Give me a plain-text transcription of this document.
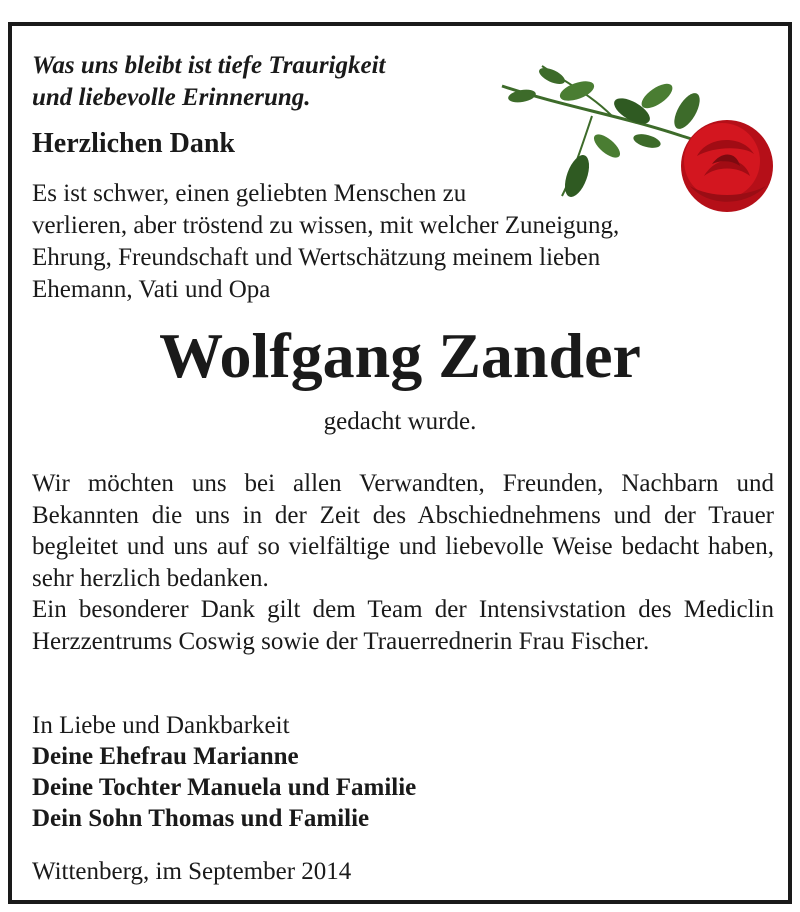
Was uns bleibt ist tiefe Traurigkeit
und liebevolle Erinnerung.

Herzlichen Dank

Es ist schwer, einen geliebten Menschen zu
verlieren, aber tröstend zu wissen, mit welcher Zuneigung,
Ehrung, Freundschaft und Wertschätzung meinem lieben
Ehemann, Vati und Opa

Wolfgang Zander

gedacht wurde.

Wir möchten uns bei allen Verwandten, Freunden, Nachbarn und Bekannten die uns in der Zeit des Abschiednehmens und der Trauer begleitet und uns auf so vielfältige und liebevolle Weise bedacht haben, sehr herzlich bedanken.

Ein besonderer Dank gilt dem Team der Intensivstation des Mediclin Herzzentrums Coswig sowie der Trauerrednerin Frau Fischer.

In Liebe und Dankbarkeit
Deine Ehefrau Marianne
Deine Tochter Manuela und Familie
Dein Sohn Thomas und Familie

Wittenberg, im September 2014
